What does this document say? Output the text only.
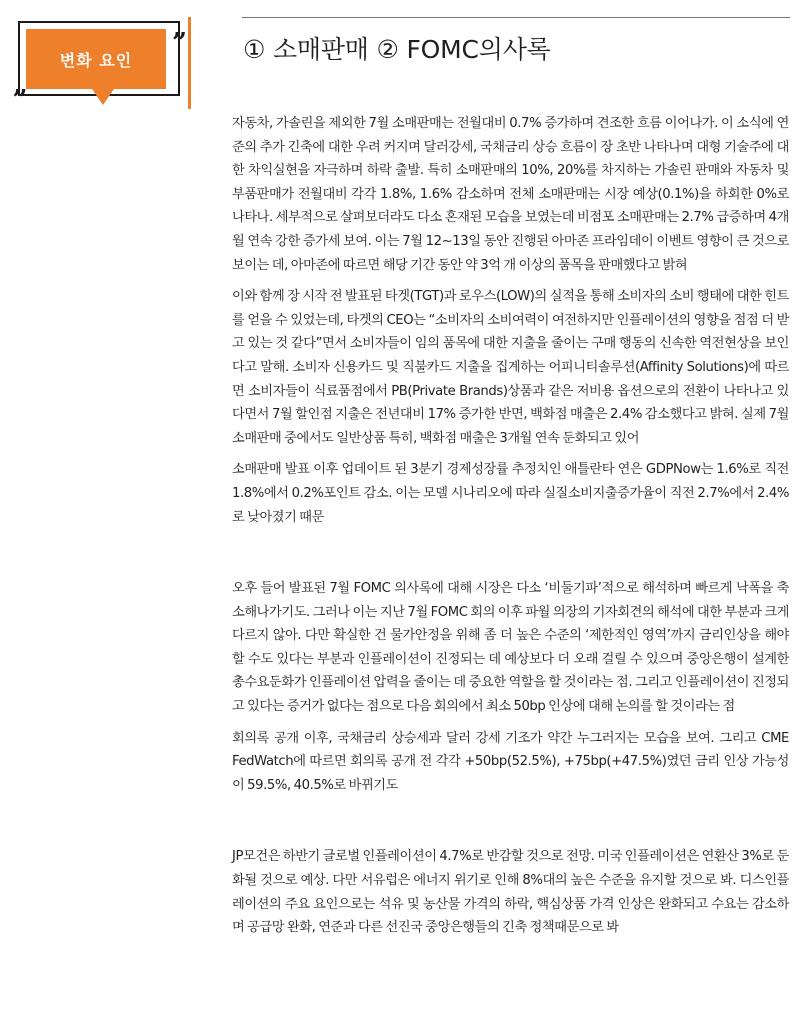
변화 요인
”
„
① 소매판매 ② FOMC의사록

자동차, 가솔린을 제외한 7월 소매판매는 전월대비 0.7% 증가하며 견조한 흐름 이어나가. 이 소식에 연준의 추가 긴축에 대한 우려 커지며 달러강세, 국채금리 상승 흐름이 장 초반 나타나며 대형 기술주에 대한 차익실현을 자극하며 하락 출발. 특히 소매판매의 10%, 20%를 차지하는 가솔린 판매와 자동차 및 부품판매가 전월대비 각각 1.8%, 1.6% 감소하며 전체 소매판매는 시장 예상(0.1%)을 하회한 0%로 나타나. 세부적으로 살펴보더라도 다소 혼재된 모습을 보였는데 비점포 소매판매는 2.7% 급증하며 4개월 연속 강한 증가세 보여. 이는 7월 12~13일 동안 진행된 아마존 프라임데이 이벤트 영향이 큰 것으로 보이는 데, 아마존에 따르면 해당 기간 동안 약 3억 개 이상의 품목을 판매했다고 밝혀

이와 함께 장 시작 전 발표된 타겟(TGT)과 로우스(LOW)의 실적을 통해 소비자의 소비 행태에 대한 힌트를 얻을 수 있었는데, 타겟의 CEO는 “소비자의 소비여력이 여전하지만 인플레이션의 영향을 점점 더 받고 있는 것 같다”면서 소비자들이 임의 품목에 대한 지출을 줄이는 구매 행동의 신속한 역전현상을 보인다고 말해. 소비자 신용카드 및 직불카드 지출을 집계하는 어피니티솔루션(Affinity Solutions)에 따르면 소비자들이 식료품점에서 PB(Private Brands)상품과 같은 저비용 옵션으로의 전환이 나타나고 있다면서 7월 할인점 지출은 전년대비 17% 증가한 반면, 백화점 매출은 2.4% 감소했다고 밝혀. 실제 7월 소매판매 중에서도 일반상품 특히, 백화점 매출은 3개월 연속 둔화되고 있어

소매판매 발표 이후 업데이트 된 3분기 경제성장률 추정치인 애틀란타 연은 GDPNow는 1.6%로 직전 1.8%에서 0.2%포인트 감소. 이는 모델 시나리오에 따라 실질소비지출증가율이 직전 2.7%에서 2.4%로 낮아졌기 때문

오후 들어 발표된 7월 FOMC 의사록에 대해 시장은 다소 ‘비둘기파’적으로 해석하며 빠르게 낙폭을 축소해나가기도. 그러나 이는 지난 7월 FOMC 회의 이후 파월 의장의 기자회견의 해석에 대한 부분과 크게 다르지 않아. 다만 확실한 건 물가안정을 위해 좀 더 높은 수준의 ‘제한적인 영역’까지 금리인상을 해야 할 수도 있다는 부분과 인플레이션이 진정되는 데 예상보다 더 오래 걸릴 수 있으며 중앙은행이 설계한 총수요둔화가 인플레이션 압력을 줄이는 데 중요한 역할을 할 것이라는 점. 그리고 인플레이션이 진정되고 있다는 증거가 없다는 점으로 다음 회의에서 최소 50bp 인상에 대해 논의를 할 것이라는 점

회의록 공개 이후, 국채금리 상승세과 달러 강세 기조가 약간 누그러지는 모습을 보여. 그리고 CME FedWatch에 따르면 회의록 공개 전 각각 +50bp(52.5%), +75bp(+47.5%)였던 금리 인상 가능성이 59.5%, 40.5%로 바뀌기도

JP모건은 하반기 글로벌 인플레이션이 4.7%로 반감할 것으로 전망. 미국 인플레이션은 연환산 3%로 둔화될 것으로 예상. 다만 서유럽은 에너지 위기로 인해 8%대의 높은 수준을 유지할 것으로 봐. 디스인플레이션의 주요 요인으로는 석유 및 농산물 가격의 하락, 핵심상품 가격 인상은 완화되고 수요는 감소하며 공급망 완화, 연준과 다른 선진국 중앙은행들의 긴축 정책때문으로 봐
